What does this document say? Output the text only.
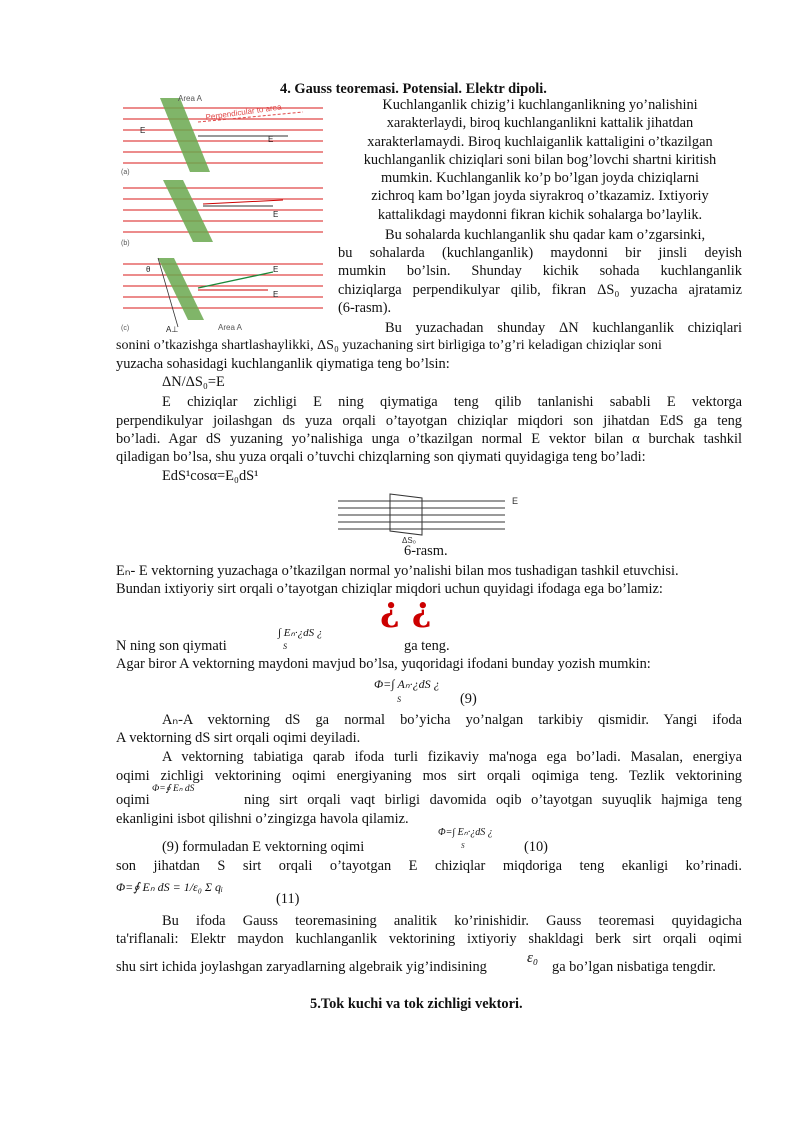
4. Gauss teoremasi. Potensial. Elektr dipoli.
Area A
Perpendicular to area
E
E
(a)
E
(b)
θ	E
E
A⊥	Area A
(c)
Kuchlanganlik chizig’i kuchlanganlikning yo’nalishini
xarakterlaydi, biroq kuchlanganlikni kattalik jihatdan
xarakterlamaydi. Biroq kuchlaiganlik kattaligini o’tkazilgan
kuchlanganlik chiziqlari soni bilan bog’lovchi shartni kiritish
mumkin. Kuchlanganlik ko’p bo’lgan joyda chiziqlarni
zichroq kam bo’lgan joyda siyrakroq o’tkazamiz. Ixtiyoriy
kattalikdagi maydonni fikran kichik sohalarga bo’laylik.
Bu sohalarda kuchlanganlik shu qadar kam o’zgarsinki,
bu sohalarda (kuchlanganlik) maydonni bir jinsli deyish
mumkin bo’lsin. Shunday kichik sohada kuchlanganlik
chiziqlarga perpendikulyar qilib, fikran ΔS₀ yuzacha ajratamiz
(6-rasm).
Bu yuzachadan shunday ΔN kuchlanganlik chiziqlari
sonini o’tkazishga shartlashaylikki, ΔS₀ yuzachaning sirt birligiga to’g’ri keladigan chiziqlar soni
yuzacha sohasidagi kuchlanganlik qiymatiga teng bo’lsin:
ΔN/ΔS₀=E
E chiziqlar zichligi E ning qiymatiga teng qilib tanlanishi sababli E vektorga
perpendikulyar joilashgan ds yuza orqali o’tayotgan chiziqlar miqdori son jihatdan EdS ga teng
bo’ladi. Agar dS yuzaning yo’nalishiga unga o’tkazilgan normal E vektor bilan α burchak tashkil
qiladigan bo’lsa, shu yuza orqali o’tuvchi chizqlarning son qiymati quyidagiga teng bo’ladi:
EdS¹cosα=E₀dS¹
E
ΔS₀
6-rasm.
Eₙ- E vektorning yuzachaga o’tkazilgan normal yo’nalishi bilan mos tushadigan tashkil etuvchisi.
Bundan ixtiyoriy sirt orqali o’tayotgan chiziqlar miqdori uchun quyidagi ifodaga ega bo’lamiz:
¿ ¿
N ning son qiymati
∫ Eₙ·¿dS ¿
S	ga teng.
Agar biror A vektorning maydoni mavjud bo’lsa, yuqoridagi ifodani bunday yozish mumkin:
Φ=∫ Aₙ·¿dS ¿
S	(9)
Aₙ-A vektorning dS ga normal bo’yicha yo’nalgan tarkibiy qismidir. Yangi ifoda
A vektorning dS sirt orqali oqimi deyiladi.
A vektorning tabiatiga qarab ifoda turli fizikaviy ma'noga ega bo’ladi. Masalan, energiya
oqimi zichligi vektorining oqimi energiyaning mos sirt orqali oqimiga teng. Tezlik vektorining
oqimi
Φ=∮ Eₙ dS
ning sirt orqali vaqt birligi davomida oqib o’tayotgan suyuqlik hajmiga teng
ekanligini isbot qilishni o’zingizga havola qilamiz.
(9) formuladan E vektorning oqimi
Φ=∫ Eₙ·¿dS ¿
S	(10)
son jihatdan S sirt orqali o’tayotgan E chiziqlar miqdoriga teng ekanligi ko’rinadi.
Φ=∮ Eₙ dS = 1/ε₀ Σ qᵢ
(11)
Bu ifoda Gauss teoremasining analitik ko’rinishidir. Gauss teoremasi quyidagicha
ta'riflanali: Elektr maydon kuchlanganlik vektorining ixtiyoriy shakldagi berk sirt orqali oqimi
shu sirt ichida joylashgan zaryadlarning algebraik yig’indisining
ε₀
ga bo’lgan nisbatiga tengdir.
5.Tok kuchi va tok zichligi vektori.
